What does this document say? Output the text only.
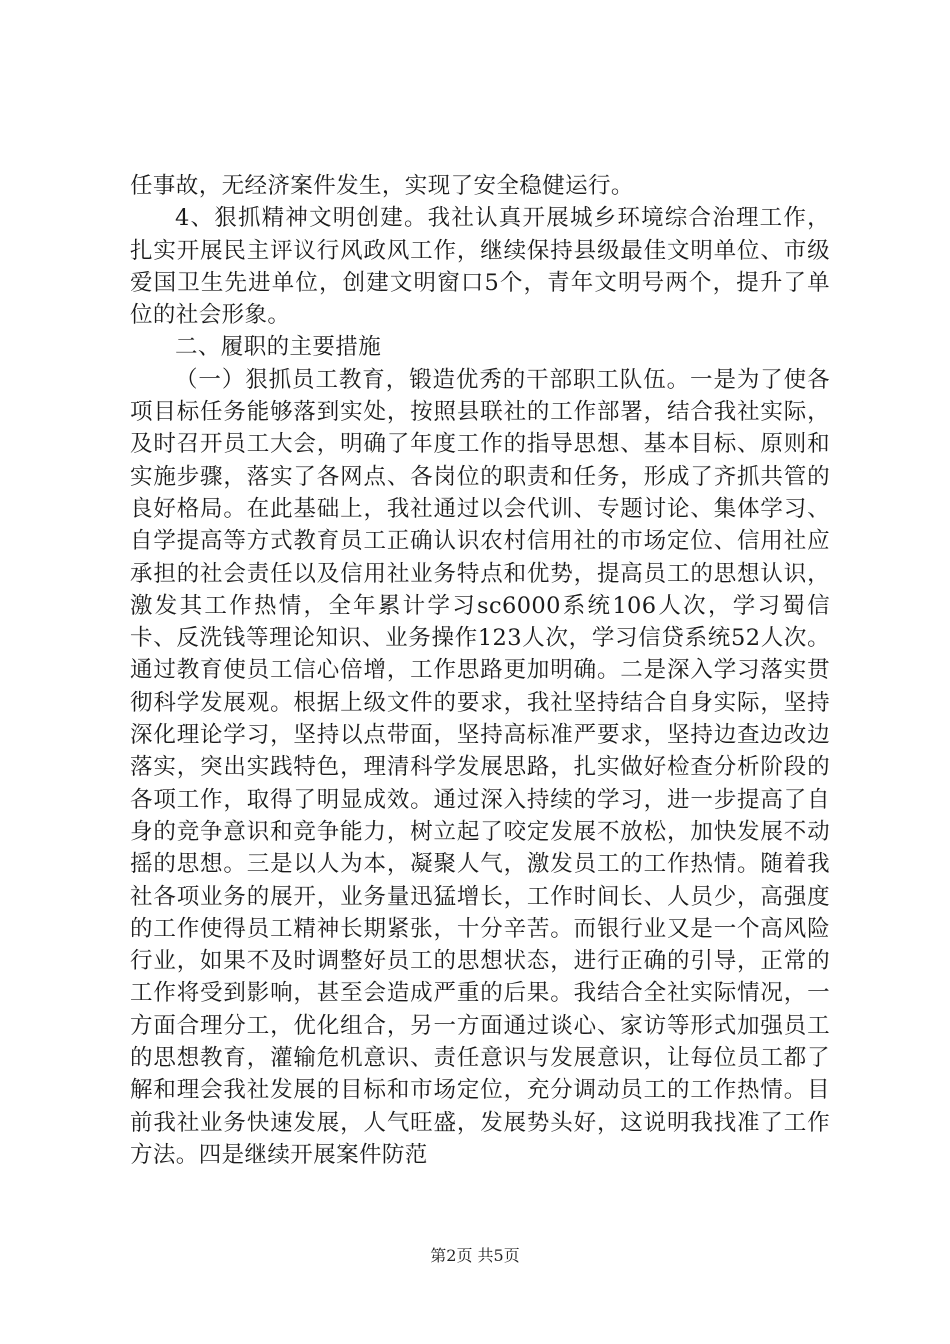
任事故，无经济案件发生，实现了安全稳健运行。

4、狠抓精神文明创建。我社认真开展城乡环境综合治理工作，扎实开展民主评议行风政风工作，继续保持县级最佳文明单位、市级爱国卫生先进单位，创建文明窗口5个，青年文明号两个，提升了单位的社会形象。

二、履职的主要措施

（一）狠抓员工教育，锻造优秀的干部职工队伍。一是为了使各项目标任务能够落到实处，按照县联社的工作部署，结合我社实际，及时召开员工大会，明确了年度工作的指导思想、基本目标、原则和实施步骤，落实了各网点、各岗位的职责和任务，形成了齐抓共管的良好格局。在此基础上，我社通过以会代训、专题讨论、集体学习、自学提高等方式教育员工正确认识农村信用社的市场定位、信用社应承担的社会责任以及信用社业务特点和优势，提高员工的思想认识，激发其工作热情，全年累计学习sc6000系统106人次，学习蜀信卡、反洗钱等理论知识、业务操作123人次，学习信贷系统52人次。通过教育使员工信心倍增，工作思路更加明确。二是深入学习落实贯彻科学发展观。根据上级文件的要求，我社坚持结合自身实际，坚持深化理论学习，坚持以点带面，坚持高标准严要求，坚持边查边改边落实，突出实践特色，理清科学发展思路，扎实做好检查分析阶段的各项工作，取得了明显成效。通过深入持续的学习，进一步提高了自身的竞争意识和竞争能力，树立起了咬定发展不放松，加快发展不动摇的思想。三是以人为本，凝聚人气，激发员工的工作热情。随着我社各项业务的展开，业务量迅猛增长，工作时间长、人员少，高强度的工作使得员工精神长期紧张，十分辛苦。而银行业又是一个高风险行业，如果不及时调整好员工的思想状态，进行正确的引导，正常的工作将受到影响，甚至会造成严重的后果。我结合全社实际情况，一方面合理分工，优化组合，另一方面通过谈心、家访等形式加强员工的思想教育，灌输危机意识、责任意识与发展意识，让每位员工都了解和理会我社发展的目标和市场定位，充分调动员工的工作热情。目前我社业务快速发展，人气旺盛，发展势头好，这说明我找准了工作方法。四是继续开展案件防范

第2页 共5页
